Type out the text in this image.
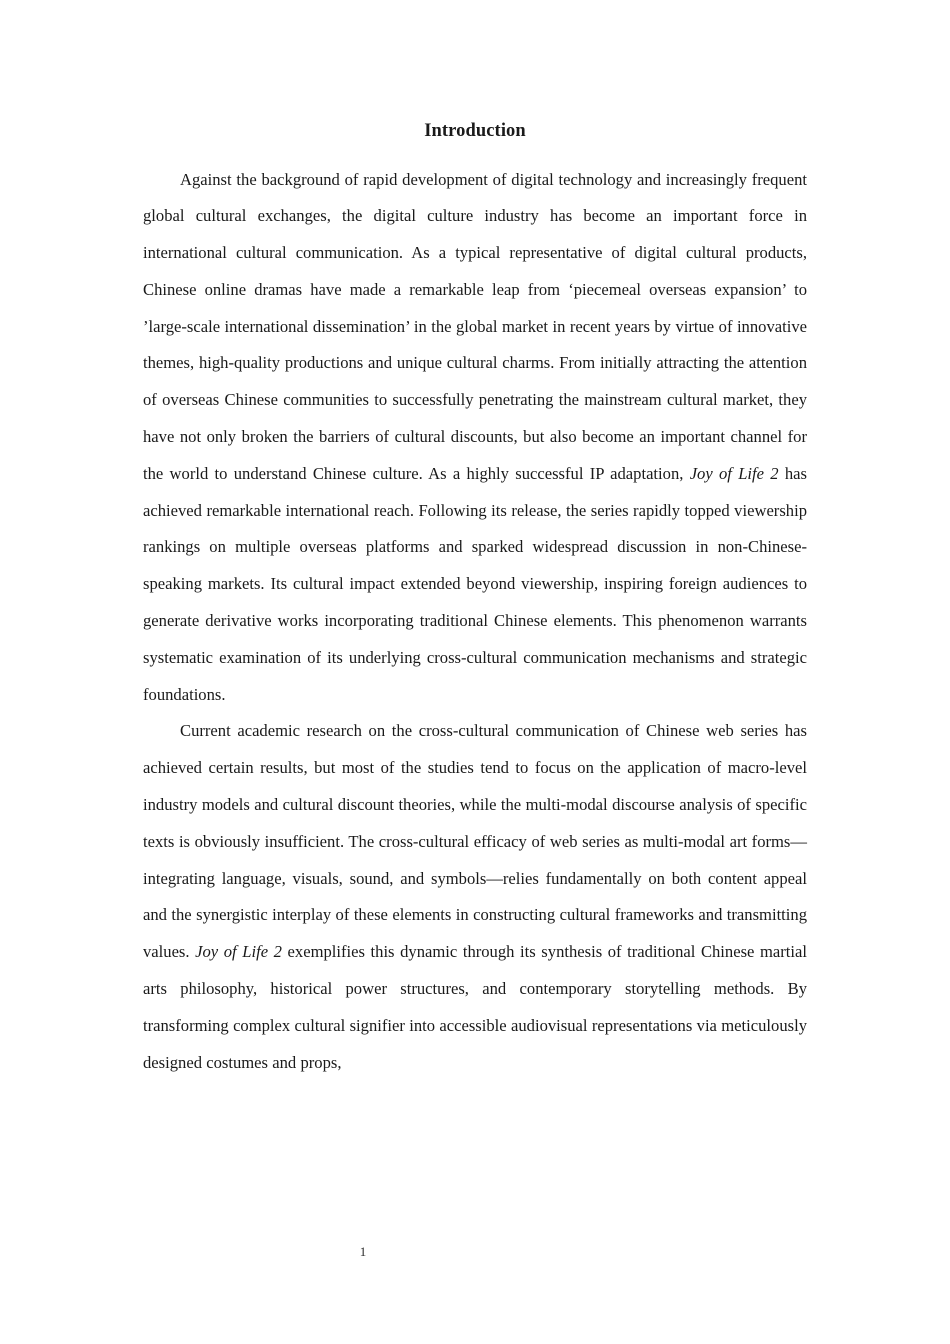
Introduction

Against the background of rapid development of digital technology and increasingly frequent global cultural exchanges, the digital culture industry has become an important force in international cultural communication. As a typical representative of digital cultural products, Chinese online dramas have made a remarkable leap from ‘piecemeal overseas expansion’ to ’large-scale international dissemination’ in the global market in recent years by virtue of innovative themes, high-quality productions and unique cultural charms. From initially attracting the attention of overseas Chinese communities to successfully penetrating the mainstream cultural market, they have not only broken the barriers of cultural discounts, but also become an important channel for the world to understand Chinese culture. As a highly successful IP adaptation, Joy of Life 2 has achieved remarkable international reach. Following its release, the series rapidly topped viewership rankings on multiple overseas platforms and sparked widespread discussion in non-Chinese-speaking markets. Its cultural impact extended beyond viewership, inspiring foreign audiences to generate derivative works incorporating traditional Chinese elements. This phenomenon warrants systematic examination of its underlying cross-cultural communication mechanisms and strategic foundations.

Current academic research on the cross-cultural communication of Chinese web series has achieved certain results, but most of the studies tend to focus on the application of macro-level industry models and cultural discount theories, while the multi-modal discourse analysis of specific texts is obviously insufficient. The cross-cultural efficacy of web series as multi-modal art forms—integrating language, visuals, sound, and symbols—relies fundamentally on both content appeal and the synergistic interplay of these elements in constructing cultural frameworks and transmitting values. Joy of Life 2 exemplifies this dynamic through its synthesis of traditional Chinese martial arts philosophy, historical power structures, and contemporary storytelling methods. By transforming complex cultural signifier into accessible audiovisual representations via meticulously designed costumes and props,

1
